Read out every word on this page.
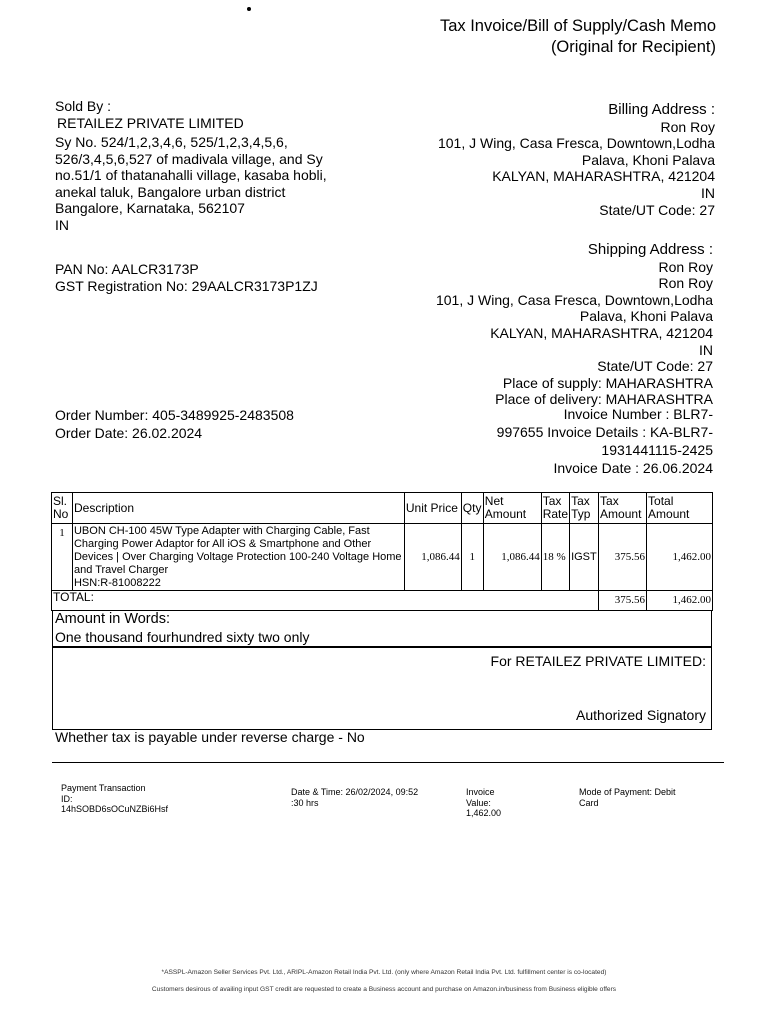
Tax Invoice/Bill of Supply/Cash Memo
(Original for Recipient)
Sold By :
RETAILEZ PRIVATE LIMITED
Sy No. 524/1,2,3,4,6, 525/1,2,3,4,5,6,
526/3,4,5,6,527 of madivala village, and Sy
no.51/1 of thatanahalli village, kasaba hobli,
anekal taluk, Bangalore urban district
Bangalore, Karnataka, 562107
IN
PAN No: AALCR3173P
GST Registration No: 29AALCR3173P1ZJ
Billing Address :
Ron Roy
101, J Wing, Casa Fresca, Downtown,Lodha
Palava, Khoni Palava
KALYAN, MAHARASHTRA, 421204
IN
State/UT Code: 27
Shipping Address :
Ron Roy
Ron Roy
101, J Wing, Casa Fresca, Downtown,Lodha
Palava, Khoni Palava
KALYAN, MAHARASHTRA, 421204
IN
State/UT Code: 27
Place of supply: MAHARASHTRA
Place of delivery: MAHARASHTRA
Order Number: 405-3489925-2483508
Order Date: 26.02.2024
Invoice Number : BLR7-
997655 Invoice Details : KA-BLR7-
1931441115-2425
Invoice Date : 26.06.2024
Sl. No	Description	Unit Price	Qty	Net Amount	Tax Rate	Tax Typ	Tax Amount	Total Amount
1	UBON CH-100 45W Type Adapter with Charging Cable, Fast Charging Power Adaptor for All iOS & Smartphone and Other Devices | Over Charging Voltage Protection 100-240 Voltage Home and Travel Charger
HSN:R-81008222	1,086.44	1	1,086.44	18 %	IGST	375.56	1,462.00
TOTAL:							375.56	1,462.00
Amount in Words:
One thousand fourhundred sixty two only
For RETAILEZ PRIVATE LIMITED:
Authorized Signatory
Whether tax is payable under reverse charge - No
Payment Transaction
ID:
14hSOBD6sOCuNZBi6Hsf
Date & Time: 26/02/2024, 09:52
:30 hrs
Invoice
Value:
1,462.00
Mode of Payment: Debit
Card
*ASSPL-Amazon Seller Services Pvt. Ltd., ARIPL-Amazon Retail India Pvt. Ltd. (only where Amazon Retail India Pvt. Ltd. fulfillment center is co-located)
Customers desirous of availing input GST credit are requested to create a Business account and purchase on Amazon.in/business from Business eligible offers
